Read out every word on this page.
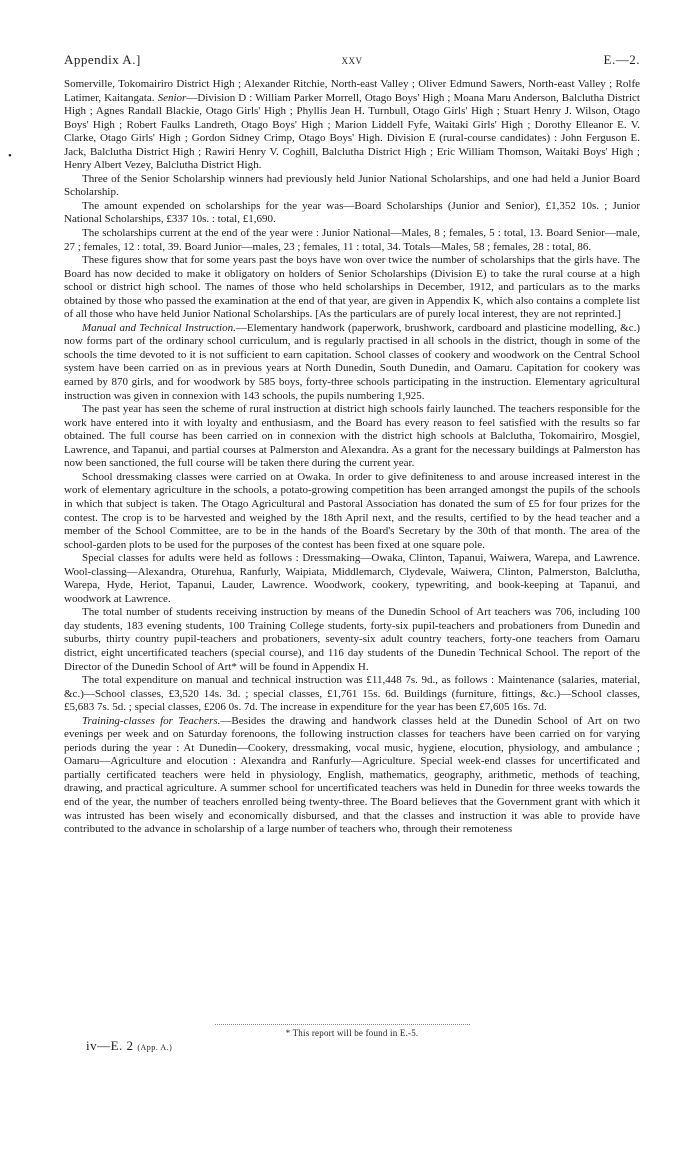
Appendix A.]	xxv	E.—2.
•

Somerville, Tokomairiro District High ; Alexander Ritchie, North-east Valley ; Oliver Edmund Sawers, North-east Valley ; Rolfe Latimer, Kaitangata. Senior—Division D : William Parker Morrell, Otago Boys' High ; Moana Maru Anderson, Balclutha District High ; Agnes Randall Blackie, Otago Girls' High ; Phyllis Jean H. Turnbull, Otago Girls' High ; Stuart Henry J. Wilson, Otago Boys' High ; Robert Faulks Landreth, Otago Boys' High ; Marion Liddell Fyfe, Waitaki Girls' High ; Dorothy Elleanor E. V. Clarke, Otago Girls' High ; Gordon Sidney Crimp, Otago Boys' High. Division E (rural-course candidates) : John Ferguson E. Jack, Balclutha District High ; Rawiri Henry V. Coghill, Balclutha District High ; Eric William Thomson, Waitaki Boys' High ; Henry Albert Vezey, Balclutha District High.

Three of the Senior Scholarship winners had previously held Junior National Scholarships, and one had held a Junior Board Scholarship.

The amount expended on scholarships for the year was—Board Scholarships (Junior and Senior), £1,352 10s. ; Junior National Scholarships, £337 10s. : total, £1,690.

The scholarships current at the end of the year were : Junior National—Males, 8 ; females, 5 : total, 13. Board Senior—male, 27 ; females, 12 : total, 39. Board Junior—males, 23 ; females, 11 : total, 34. Totals—Males, 58 ; females, 28 : total, 86.

These figures show that for some years past the boys have won over twice the number of scholarships that the girls have. The Board has now decided to make it obligatory on holders of Senior Scholarships (Division E) to take the rural course at a high school or district high school. The names of those who held scholarships in December, 1912, and particulars as to the marks obtained by those who passed the examination at the end of that year, are given in Appendix K, which also contains a complete list of all those who have held Junior National Scholarships. [As the particulars are of purely local interest, they are not reprinted.]

Manual and Technical Instruction.—Elementary handwork (paperwork, brushwork, cardboard and plasticine modelling, &c.) now forms part of the ordinary school curriculum, and is regularly practised in all schools in the district, though in some of the schools the time devoted to it is not sufficient to earn capitation. School classes of cookery and woodwork on the Central School system have been carried on as in previous years at North Dunedin, South Dunedin, and Oamaru. Capitation for cookery was earned by 870 girls, and for woodwork by 585 boys, forty-three schools participating in the instruction. Elementary agricultural instruction was given in connexion with 143 schools, the pupils numbering 1,925.

The past year has seen the scheme of rural instruction at district high schools fairly launched. The teachers responsible for the work have entered into it with loyalty and enthusiasm, and the Board has every reason to feel satisfied with the results so far obtained. The full course has been carried on in connexion with the district high schools at Balclutha, Tokomairiro, Mosgiel, Lawrence, and Tapanui, and partial courses at Palmerston and Alexandra. As a grant for the necessary buildings at Palmerston has now been sanctioned, the full course will be taken there during the current year.

School dressmaking classes were carried on at Owaka. In order to give definiteness to and arouse increased interest in the work of elementary agriculture in the schools, a potato-growing competition has been arranged amongst the pupils of the schools in which that subject is taken. The Otago Agricultural and Pastoral Association has donated the sum of £5 for four prizes for the contest. The crop is to be harvested and weighed by the 18th April next, and the results, certified to by the head teacher and a member of the School Committee, are to be in the hands of the Board's Secretary by the 30th of that month. The area of the school-garden plots to be used for the purposes of the contest has been fixed at one square pole.

Special classes for adults were held as follows : Dressmaking—Owaka, Clinton, Tapanui, Waiwera, Warepa, and Lawrence. Wool-classing—Alexandra, Oturehua, Ranfurly, Waipiata, Middlemarch, Clydevale, Waiwera, Clinton, Palmerston, Balclutha, Warepa, Hyde, Heriot, Tapanui, Lauder, Lawrence. Woodwork, cookery, typewriting, and book-keeping at Tapanui, and woodwork at Lawrence.

The total number of students receiving instruction by means of the Dunedin School of Art teachers was 706, including 100 day students, 183 evening students, 100 Training College students, forty-six pupil-teachers and probationers from Dunedin and suburbs, thirty country pupil-teachers and probationers, seventy-six adult country teachers, forty-one teachers from Oamaru district, eight uncertificated teachers (special course), and 116 day students of the Dunedin Technical School. The report of the Director of the Dunedin School of Art* will be found in Appendix H.

The total expenditure on manual and technical instruction was £11,448 7s. 9d., as follows : Maintenance (salaries, material, &c.)—School classes, £3,520 14s. 3d. ; special classes, £1,761 15s. 6d. Buildings (furniture, fittings, &c.)—School classes, £5,683 7s. 5d. ; special classes, £206 0s. 7d. The increase in expenditure for the year has been £7,605 16s. 7d.

Training-classes for Teachers.—Besides the drawing and handwork classes held at the Dunedin School of Art on two evenings per week and on Saturday forenoons, the following instruction classes for teachers have been carried on for varying periods during the year : At Dunedin—Cookery, dressmaking, vocal music, hygiene, elocution, physiology, and ambulance ; Oamaru—Agriculture and elocution : Alexandra and Ranfurly—Agriculture. Special week-end classes for uncertificated and partially certificated teachers were held in physiology, English, mathematics, geography, arithmetic, methods of teaching, drawing, and practical agriculture. A summer school for uncertificated teachers was held in Dunedin for three weeks towards the end of the year, the number of teachers enrolled being twenty-three. The Board believes that the Government grant with which it was intrusted has been wisely and economically disbursed, and that the classes and instruction it was able to provide have contributed to the advance in scholarship of a large number of teachers who, through their remoteness

* This report will be found in E.-5.
iv—E. 2 (App. A.)
